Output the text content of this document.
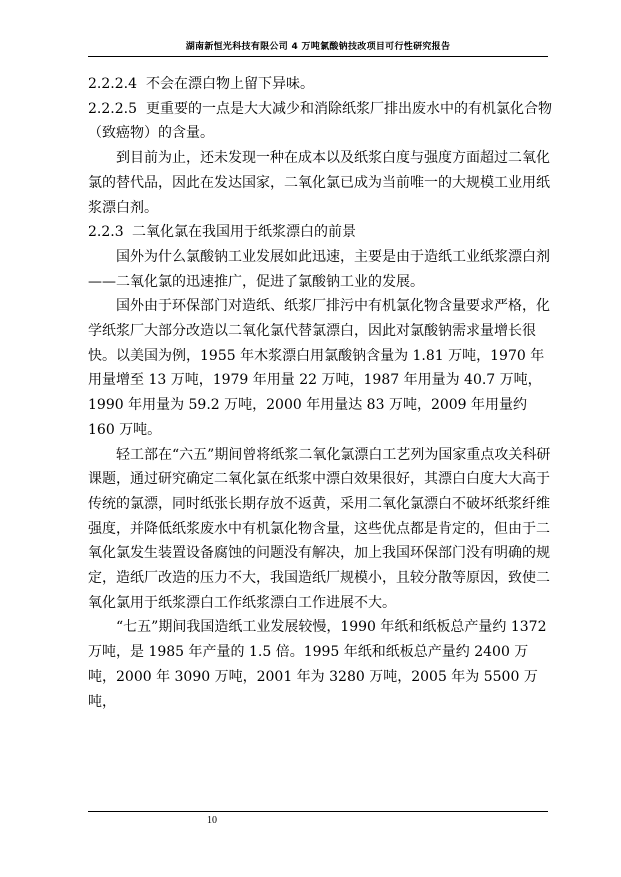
湖南新恒光科技有限公司 4 万吨氯酸钠技改项目可行性研究报告

2.2.2.4 不会在漂白物上留下异味。

2.2.2.5 更重要的一点是大大减少和消除纸浆厂排出废水中的有机氯化合物（致癌物）的含量。

到目前为止，还未发现一种在成本以及纸浆白度与强度方面超过二氧化氯的替代品，因此在发达国家，二氧化氯已成为当前唯一的大规模工业用纸浆漂白剂。

2.2.3 二氧化氯在我国用于纸浆漂白的前景

国外为什么氯酸钠工业发展如此迅速，主要是由于造纸工业纸浆漂白剂——二氧化氯的迅速推广，促进了氯酸钠工业的发展。

国外由于环保部门对造纸、纸浆厂排污中有机氯化物含量要求严格，化学纸浆厂大部分改造以二氧化氯代替氯漂白，因此对氯酸钠需求量增长很快。以美国为例，1955 年木浆漂白用氯酸钠含量为 1.81 万吨，1970 年用量增至 13 万吨，1979 年用量 22 万吨，1987 年用量为 40.7 万吨，1990 年用量为 59.2 万吨，2000 年用量达 83 万吨，2009 年用量约 160 万吨。

轻工部在“六五”期间曾将纸浆二氧化氯漂白工艺列为国家重点攻关科研课题，通过研究确定二氧化氯在纸浆中漂白效果很好，其漂白白度大大高于传统的氯漂，同时纸张长期存放不返黄，采用二氧化氯漂白不破坏纸浆纤维强度，并降低纸浆废水中有机氯化物含量，这些优点都是肯定的，但由于二氧化氯发生装置设备腐蚀的问题没有解决，加上我国环保部门没有明确的规定，造纸厂改造的压力不大，我国造纸厂规模小，且较分散等原因，致使二氧化氯用于纸浆漂白工作纸浆漂白工作进展不大。

“七五”期间我国造纸工业发展较慢，1990 年纸和纸板总产量约 1372 万吨，是 1985 年产量的 1.5 倍。1995 年纸和纸板总产量约 2400 万吨，2000 年 3090 万吨，2001 年为 3280 万吨，2005 年为 5500 万吨，

10
